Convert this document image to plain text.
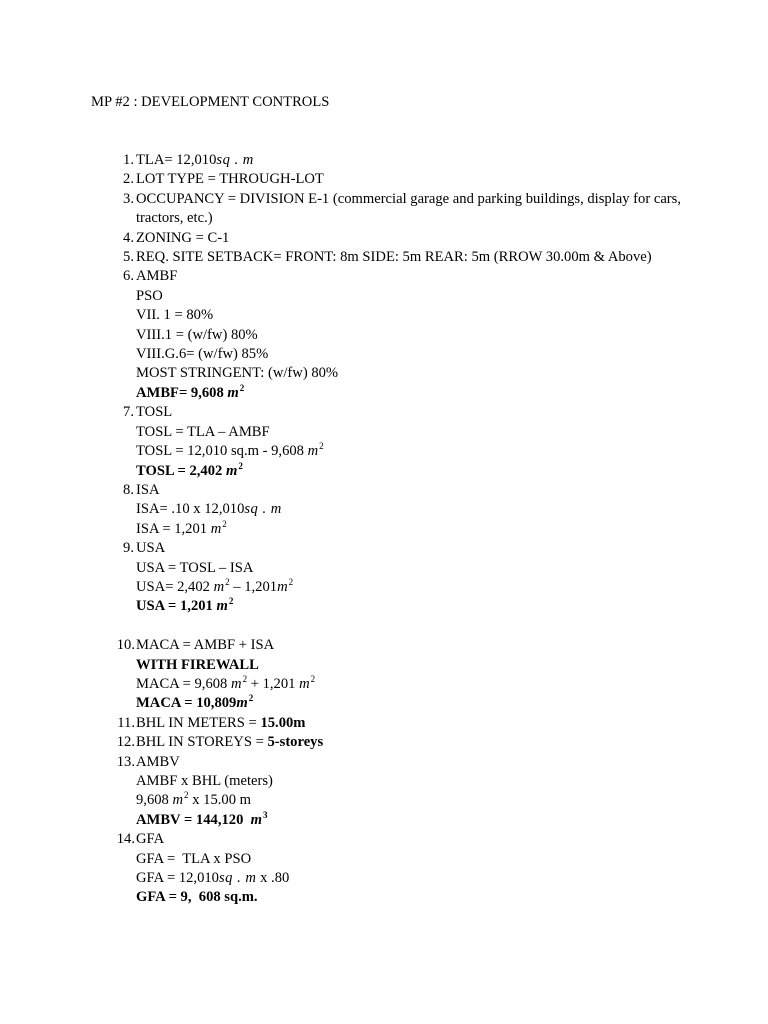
MP #2 : DEVELOPMENT CONTROLS
1. TLA= 12,010sq . m
2. LOT TYPE = THROUGH-LOT
3. OCCUPANCY = DIVISION E-1 (commercial garage and parking buildings, display for cars, tractors, etc.)
4. ZONING = C-1
5. REQ. SITE SETBACK= FRONT: 8m SIDE: 5m REAR: 5m (RROW 30.00m & Above)
6. AMBF
PSO
VII. 1 = 80%
VIII.1 = (w/fw) 80%
VIII.G.6= (w/fw) 85%
MOST STRINGENT: (w/fw) 80%
AMBF= 9,608 $m^2$
7. TOSL
TOSL = TLA – AMBF
TOSL = 12,010 sq.m - 9,608 $m^2$
TOSL = 2,402 $m^2$
8. ISA
ISA= .10 x 12,010sq . m
ISA = 1,201 $m^2$
9. USA
USA = TOSL – ISA
USA= 2,402 $m^2 - 1,201m^2$
USA = 1,201 $m^2$
10. MACA = AMBF + ISA
WITH FIREWALL
MACA = 9,608 $m^2 + 1,201$ $m^2$
MACA = $10,809m^2$
11. BHL IN METERS = 15.00m
12. BHL IN STOREYS = 5-storeys
13. AMBV
AMBF x BHL (meters)
9,608 $m^2$ x 15.00 m
AMBV = 144,120 $m^3$
14. GFA
GFA =  TLA x PSO
GFA = 12,010sq . m x .80
GFA = 9,  608 sq.m.
